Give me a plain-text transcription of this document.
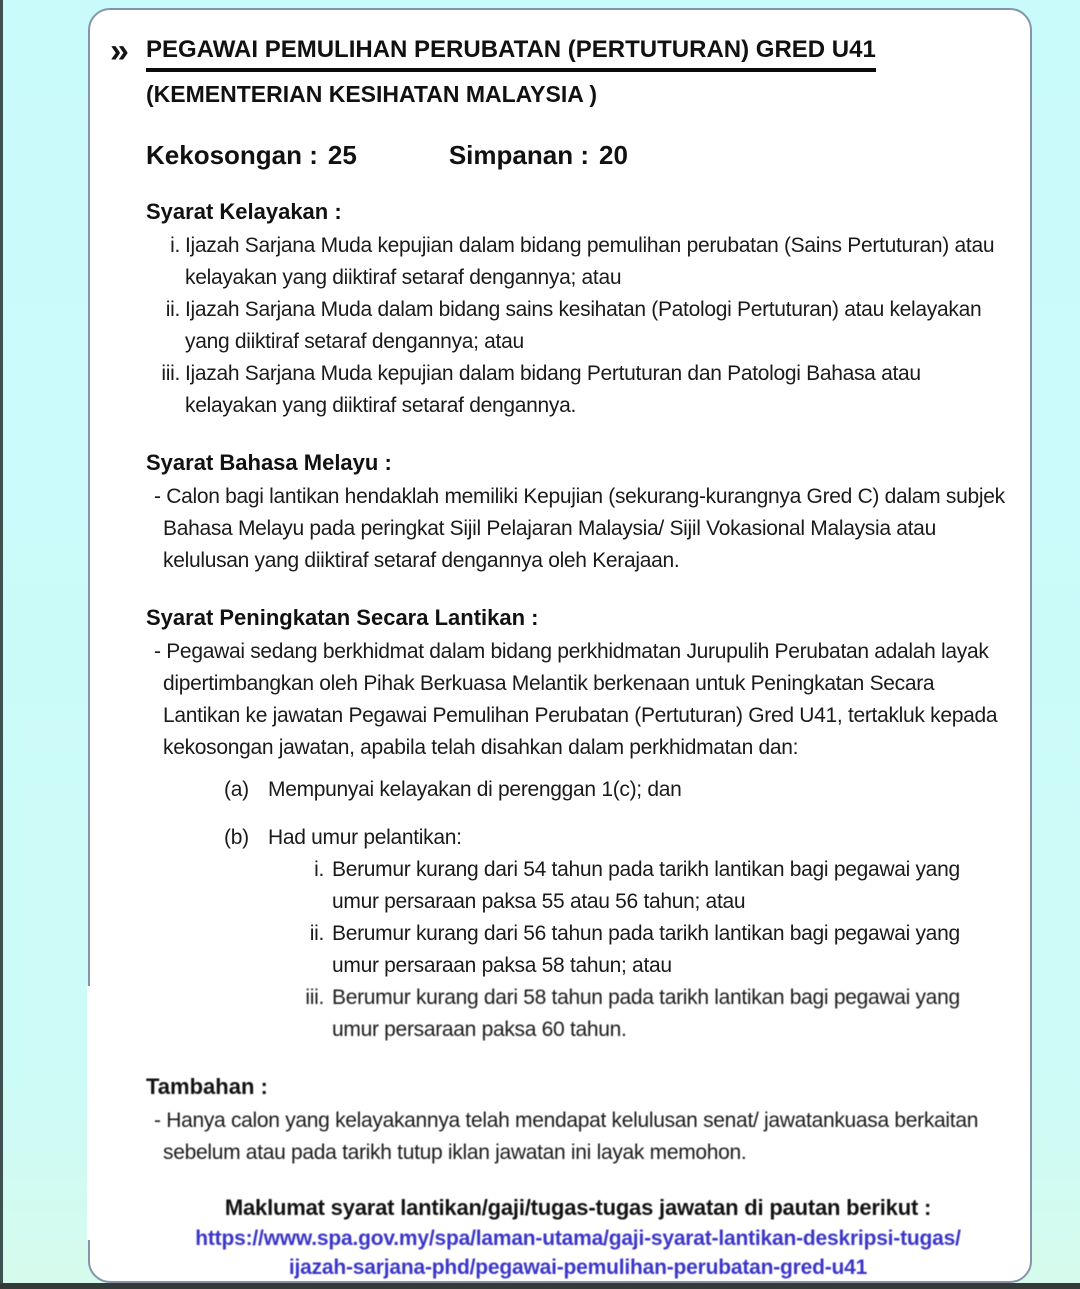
» PEGAWAI PEMULIHAN PERUBATAN (PERTUTURAN) GRED U41
(KEMENTERIAN KESIHATAN MALAYSIA )
Kekosongan : 25	Simpanan : 20
Syarat Kelayakan :
i. Ijazah Sarjana Muda kepujian dalam bidang pemulihan perubatan (Sains Pertuturan) atau kelayakan yang diiktiraf setaraf dengannya; atau
ii. Ijazah Sarjana Muda dalam bidang sains kesihatan (Patologi Pertuturan) atau kelayakan yang diiktiraf setaraf dengannya; atau
iii. Ijazah Sarjana Muda kepujian dalam bidang Pertuturan dan Patologi Bahasa atau kelayakan yang diiktiraf setaraf dengannya.
Syarat Bahasa Melayu :

- Calon bagi lantikan hendaklah memiliki Kepujian (sekurang-kurangnya Gred C) dalam subjek Bahasa Melayu pada peringkat Sijil Pelajaran Malaysia/ Sijil Vokasional Malaysia atau kelulusan yang diiktiraf setaraf dengannya oleh Kerajaan.

Syarat Peningkatan Secara Lantikan :

- Pegawai sedang berkhidmat dalam bidang perkhidmatan Jurupulih Perubatan adalah layak dipertimbangkan oleh Pihak Berkuasa Melantik berkenaan untuk Peningkatan Secara Lantikan ke jawatan Pegawai Pemulihan Perubatan (Pertuturan) Gred U41, tertakluk kepada kekosongan jawatan, apabila telah disahkan dalam perkhidmatan dan:

(a) Mempunyai kelayakan di perenggan 1(c); dan
(b) Had umur pelantikan:
i. Berumur kurang dari 54 tahun pada tarikh lantikan bagi pegawai yang umur persaraan paksa 55 atau 56 tahun; atau
ii. Berumur kurang dari 56 tahun pada tarikh lantikan bagi pegawai yang umur persaraan paksa 58 tahun; atau
iii. Berumur kurang dari 58 tahun pada tarikh lantikan bagi pegawai yang umur persaraan paksa 60 tahun.
Tambahan :

- Hanya calon yang kelayakannya telah mendapat kelulusan senat/ jawatankuasa berkaitan sebelum atau pada tarikh tutup iklan jawatan ini layak memohon.

Maklumat syarat lantikan/gaji/tugas-tugas jawatan di pautan berikut :
https://www.spa.gov.my/spa/laman-utama/gaji-syarat-lantikan-deskripsi-tugas/
ijazah-sarjana-phd/pegawai-pemulihan-perubatan-gred-u41
